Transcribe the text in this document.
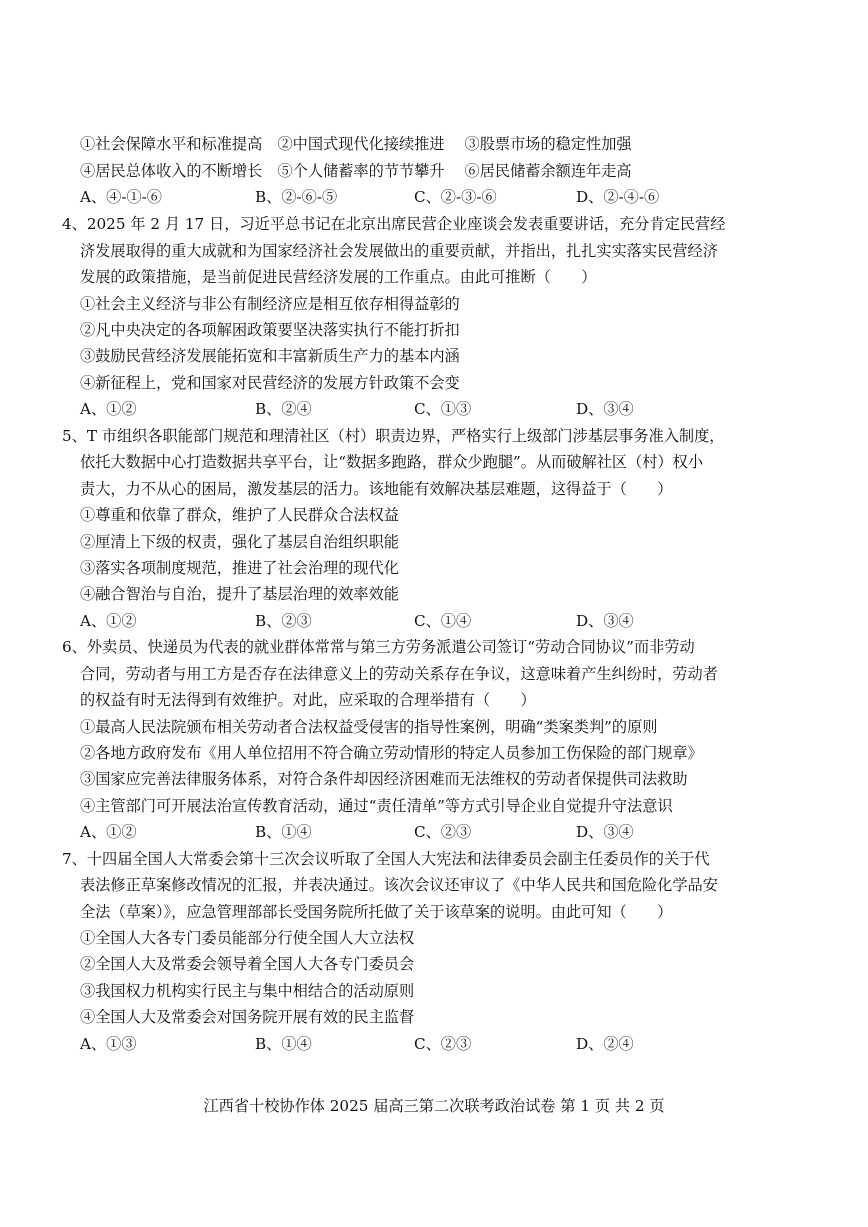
①社会保障水平和标准提高　②中国式现代化接续推进　 ③股票市场的稳定性加强
④居民总体收入的不断增长　⑤个人储蓄率的节节攀升　 ⑥居民储蓄余额连年走高
A、④-①-⑥	B、②-⑥-⑤	C、②-③-⑥	D、②-④-⑥
4、2025 年 2 月 17 日，习近平总书记在北京出席民营企业座谈会发表重要讲话，充分肯定民营经
济发展取得的重大成就和为国家经济社会发展做出的重要贡献，并指出，扎扎实实落实民营经济
发展的政策措施，是当前促进民营经济发展的工作重点。由此可推断（　　）
①社会主义经济与非公有制经济应是相互依存相得益彰的
②凡中央决定的各项解困政策要坚决落实执行不能打折扣
③鼓励民营经济发展能拓宽和丰富新质生产力的基本内涵
④新征程上，党和国家对民营经济的发展方针政策不会变
A、①②	B、②④	C、①③	D、③④
5、T 市组织各职能部门规范和理清社区（村）职责边界，严格实行上级部门涉基层事务准入制度，
依托大数据中心打造数据共享平台，让“数据多跑路，群众少跑腿”。从而破解社区（村）权小
责大，力不从心的困局，激发基层的活力。该地能有效解决基层难题，这得益于（　　）
①尊重和依靠了群众，维护了人民群众合法权益
②厘清上下级的权责，强化了基层自治组织职能
③落实各项制度规范，推进了社会治理的现代化
④融合智治与自治，提升了基层治理的效率效能
A、①②	B、②③	C、①④	D、③④
6、外卖员、快递员为代表的就业群体常常与第三方劳务派遣公司签订“劳动合同协议”而非劳动
合同，劳动者与用工方是否存在法律意义上的劳动关系存在争议，这意味着产生纠纷时，劳动者
的权益有时无法得到有效维护。对此，应采取的合理举措有（　　）
①最高人民法院颁布相关劳动者合法权益受侵害的指导性案例，明确“类案类判”的原则
②各地方政府发布《用人单位招用不符合确立劳动情形的特定人员参加工伤保险的部门规章》
③国家应完善法律服务体系，对符合条件却因经济困难而无法维权的劳动者保提供司法救助
④主管部门可开展法治宣传教育活动，通过“责任清单”等方式引导企业自觉提升守法意识
A、①②	B、①④	C、②③	D、③④
7、十四届全国人大常委会第十三次会议听取了全国人大宪法和法律委员会副主任委员作的关于代
表法修正草案修改情况的汇报，并表决通过。该次会议还审议了《中华人民共和国危险化学品安
全法（草案）》，应急管理部部长受国务院所托做了关于该草案的说明。由此可知（　　）
①全国人大各专门委员能部分行使全国人大立法权
②全国人大及常委会领导着全国人大各专门委员会
③我国权力机构实行民主与集中相结合的活动原则
④全国人大及常委会对国务院开展有效的民主监督
A、①③	B、①④	C、②③	D、②④
江西省十校协作体 2025 届高三第二次联考政治试卷 第 1 页 共 2 页
